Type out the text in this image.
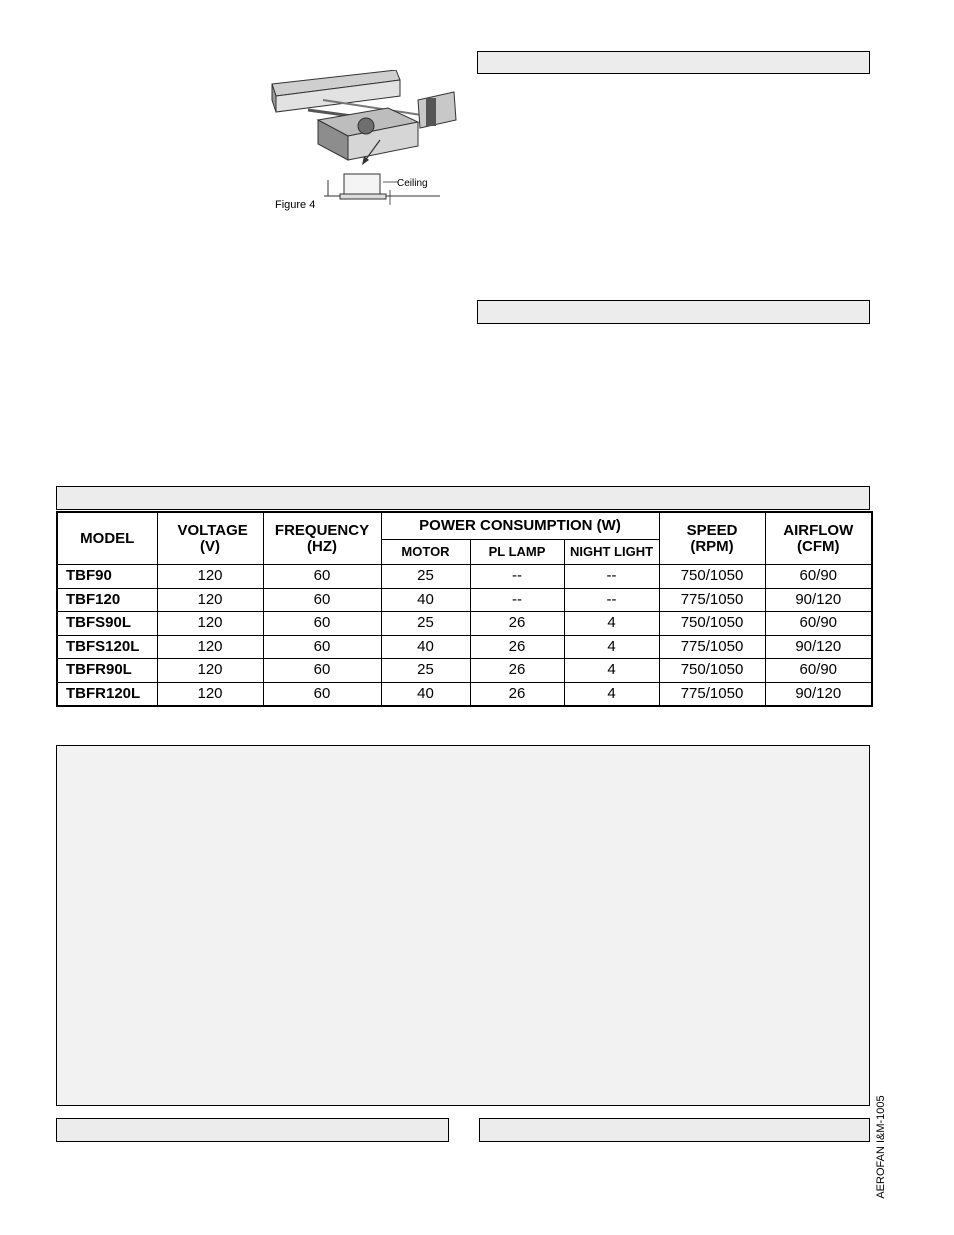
Ceiling
Figure 4
MODEL	VOLTAGE (V)	FREQUENCY (HZ)	POWER CONSUMPTION (W)			SPEED (RPM)	AIRFLOW (CFM)
			MOTOR	PL LAMP	NIGHT LIGHT		
TBF90	120	60	25	--	--	750/1050	60/90
TBF120	120	60	40	--	--	775/1050	90/120
TBFS90L	120	60	25	26	4	750/1050	60/90
TBFS120L	120	60	40	26	4	775/1050	90/120
TBFR90L	120	60	25	26	4	750/1050	60/90
TBFR120L	120	60	40	26	4	775/1050	90/120
AEROFAN I&M-1005
